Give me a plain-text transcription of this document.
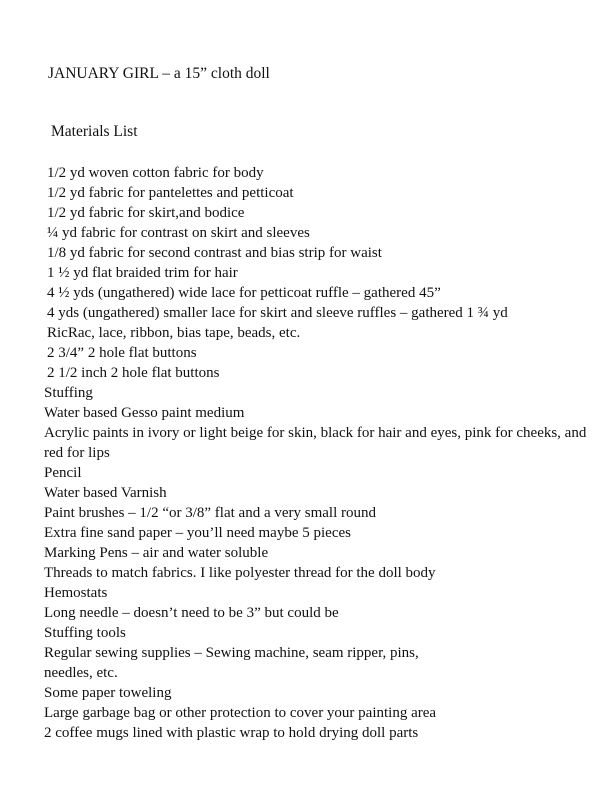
JANUARY GIRL – a 15” cloth doll
Materials List
1/2 yd woven cotton fabric for body
1/2 yd fabric for pantelettes and petticoat
1/2 yd fabric for skirt,and bodice
¼ yd fabric for contrast on skirt and sleeves
1/8 yd fabric for second contrast and bias strip for waist
1 ½ yd flat braided trim for hair
4 ½ yds (ungathered) wide lace for petticoat ruffle – gathered 45”
4 yds (ungathered) smaller lace for skirt and sleeve ruffles – gathered 1 ¾ yd
RicRac, lace, ribbon, bias tape, beads, etc.
2 3/4” 2 hole flat buttons
2 1/2 inch 2 hole flat buttons
Stuffing
Water based Gesso paint medium
Acrylic paints in ivory or light beige for skin, black for hair and eyes, pink for cheeks, and red for lips
Pencil
Water based Varnish
Paint brushes – 1/2 “or 3/8” flat and a very small round
Extra fine sand paper – you’ll need maybe 5 pieces
Marking Pens – air and water soluble
Threads to match fabrics. I like polyester thread for the doll body
Hemostats
Long needle – doesn’t need to be 3” but could be
Stuffing tools
Regular sewing supplies – Sewing machine, seam ripper, pins,
needles, etc.
Some paper toweling
Large garbage bag or other protection to cover your painting area
2 coffee mugs lined with plastic wrap to hold drying doll parts
